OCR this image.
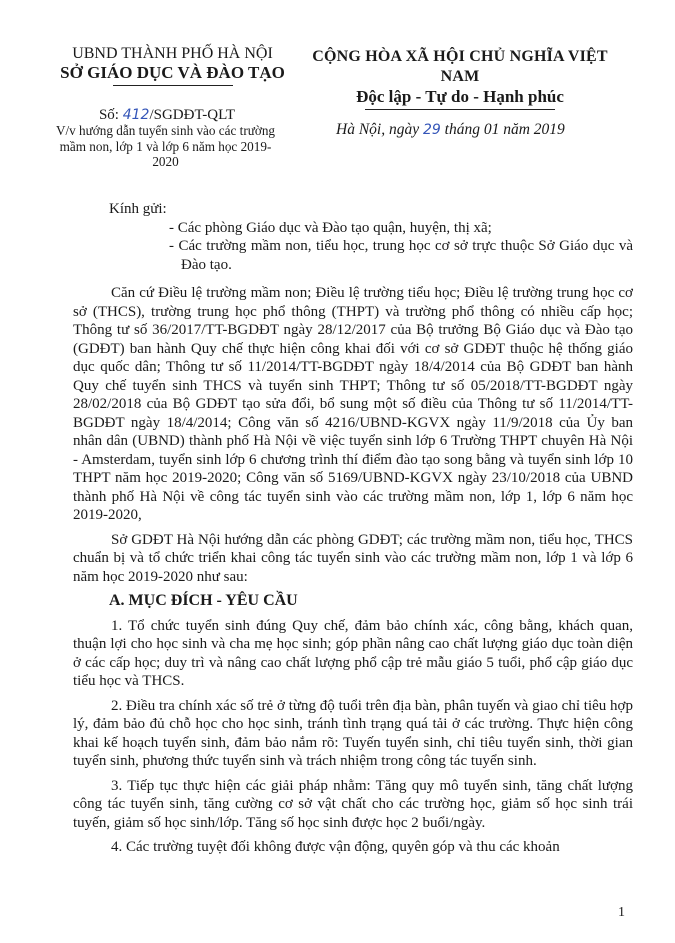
UBND THÀNH PHỐ HÀ NỘI
SỞ GIÁO DỤC VÀ ĐÀO TẠO
CỘNG HÒA XÃ HỘI CHỦ NGHĨA VIỆT NAM
Độc lập - Tự do - Hạnh phúc
Số: 412/SGDĐT-QLT
V/v hướng dẫn tuyển sinh vào các trường mầm non, lớp 1 và lớp 6 năm học 2019-2020
Hà Nội, ngày 29 tháng 01 năm 2019
Kính gửi:
- Các phòng Giáo dục và Đào tạo quận, huyện, thị xã;
- Các trường mầm non, tiểu học, trung học cơ sở trực thuộc Sở Giáo dục và Đào tạo.
Căn cứ Điều lệ trường mầm non; Điều lệ trường tiểu học; Điều lệ trường trung học cơ sở (THCS), trường trung học phổ thông (THPT) và trường phổ thông có nhiều cấp học; Thông tư số 36/2017/TT-BGDĐT ngày 28/12/2017 của Bộ trưởng Bộ Giáo dục và Đào tạo (GDĐT) ban hành Quy chế thực hiện công khai đối với cơ sở GDĐT thuộc hệ thống giáo dục quốc dân; Thông tư số 11/2014/TT-BGDĐT ngày 18/4/2014 của Bộ GDĐT ban hành Quy chế tuyển sinh THCS và tuyển sinh THPT; Thông tư số 05/2018/TT-BGDĐT ngày 28/02/2018 của Bộ GDĐT tạo sửa đổi, bổ sung một số điều của Thông tư số 11/2014/TT-BGDĐT ngày 18/4/2014; Công văn số 4216/UBND-KGVX ngày 11/9/2018 của Ủy ban nhân dân (UBND) thành phố Hà Nội về việc tuyển sinh lớp 6 Trường THPT chuyên Hà Nội - Amsterdam, tuyển sinh lớp 6 chương trình thí điểm đào tạo song bằng và tuyển sinh lớp 10 THPT năm học 2019-2020; Công văn số 5169/UBND-KGVX ngày 23/10/2018 của UBND thành phố Hà Nội về công tác tuyển sinh vào các trường mầm non, lớp 1, lớp 6 năm học 2019-2020,
Sở GDĐT Hà Nội hướng dẫn các phòng GDĐT; các trường mầm non, tiểu học, THCS chuẩn bị và tổ chức triển khai công tác tuyển sinh vào các trường mầm non, lớp 1 và lớp 6 năm học 2019-2020 như sau:
A. MỤC ĐÍCH - YÊU CẦU
1. Tổ chức tuyển sinh đúng Quy chế, đảm bảo chính xác, công bằng, khách quan, thuận lợi cho học sinh và cha mẹ học sinh; góp phần nâng cao chất lượng giáo dục toàn diện ở các cấp học; duy trì và nâng cao chất lượng phổ cập trẻ mẫu giáo 5 tuổi, phổ cập giáo dục tiểu học và THCS.
2. Điều tra chính xác số trẻ ở từng độ tuổi trên địa bàn, phân tuyến và giao chỉ tiêu hợp lý, đảm bảo đủ chỗ học cho học sinh, tránh tình trạng quá tải ở các trường. Thực hiện công khai kế hoạch tuyển sinh, đảm bảo nắm rõ: Tuyến tuyển sinh, chỉ tiêu tuyển sinh, thời gian tuyển sinh, phương thức tuyển sinh và trách nhiệm trong công tác tuyển sinh.
3. Tiếp tục thực hiện các giải pháp nhằm: Tăng quy mô tuyển sinh, tăng chất lượng công tác tuyển sinh, tăng cường cơ sở vật chất cho các trường học, giảm số học sinh trái tuyến, giảm số học sinh/lớp. Tăng số học sinh được học 2 buổi/ngày.
4. Các trường tuyệt đối không được vận động, quyên góp và thu các khoản
1
